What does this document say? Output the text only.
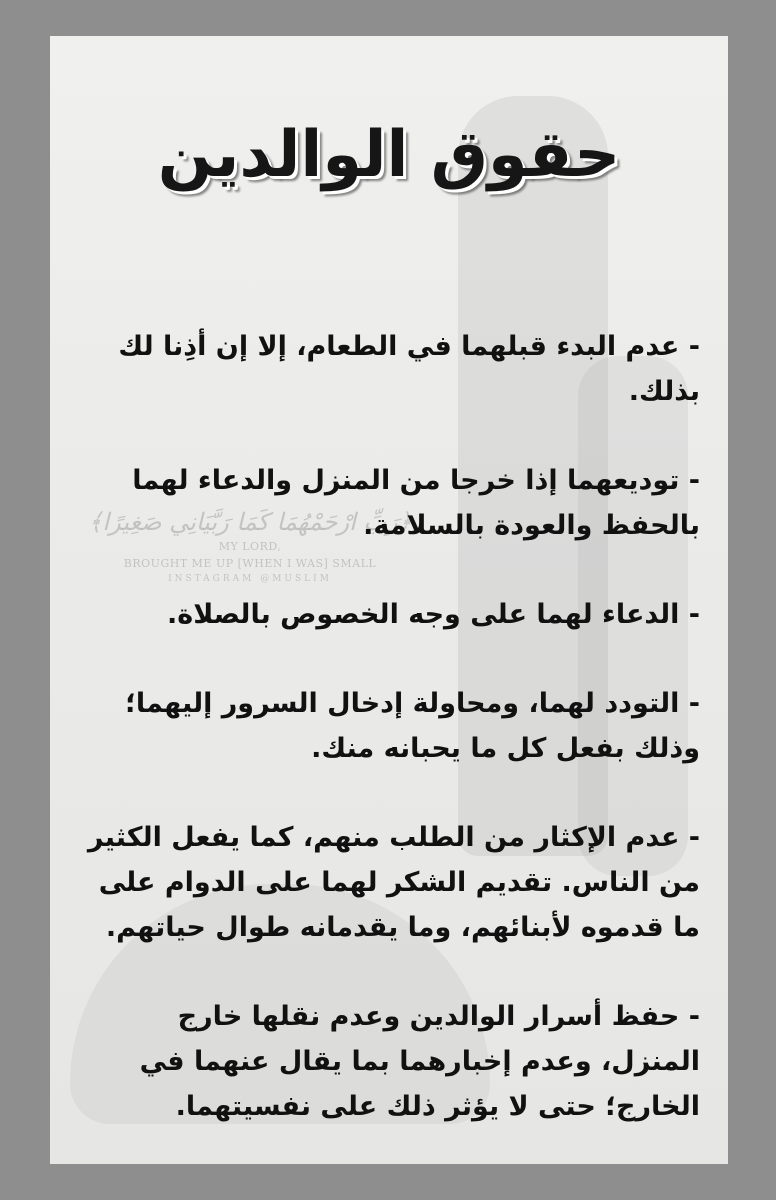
﴿رَبِّ ارْحَمْهُمَا كَمَا رَبَّيَانِي صَغِيرًا﴾
MY LORD,
BROUGHT ME UP [WHEN I WAS] SMALL
INSTAGRAM @MUSLIM
حقوق الوالدين

- عدم البدء قبلهما في الطعام، إلا إن أذِنا لك بذلك.

- توديعهما إذا خرجا من المنزل والدعاء لهما بالحفظ والعودة بالسلامة.

- الدعاء لهما على وجه الخصوص بالصلاة.

- التودد لهما، ومحاولة إدخال السرور إليهما؛ وذلك بفعل كل ما يحبانه منك.

- عدم الإكثار من الطلب منهم، كما يفعل الكثير من الناس. تقديم الشكر لهما على الدوام على ما قدموه لأبنائهم، وما يقدمانه طوال حياتهم.

- حفظ أسرار الوالدين وعدم نقلها خارج المنزل، وعدم إخبارهما بما يقال عنهما في الخارج؛ حتى لا يؤثر ذلك على نفسيتهما.
